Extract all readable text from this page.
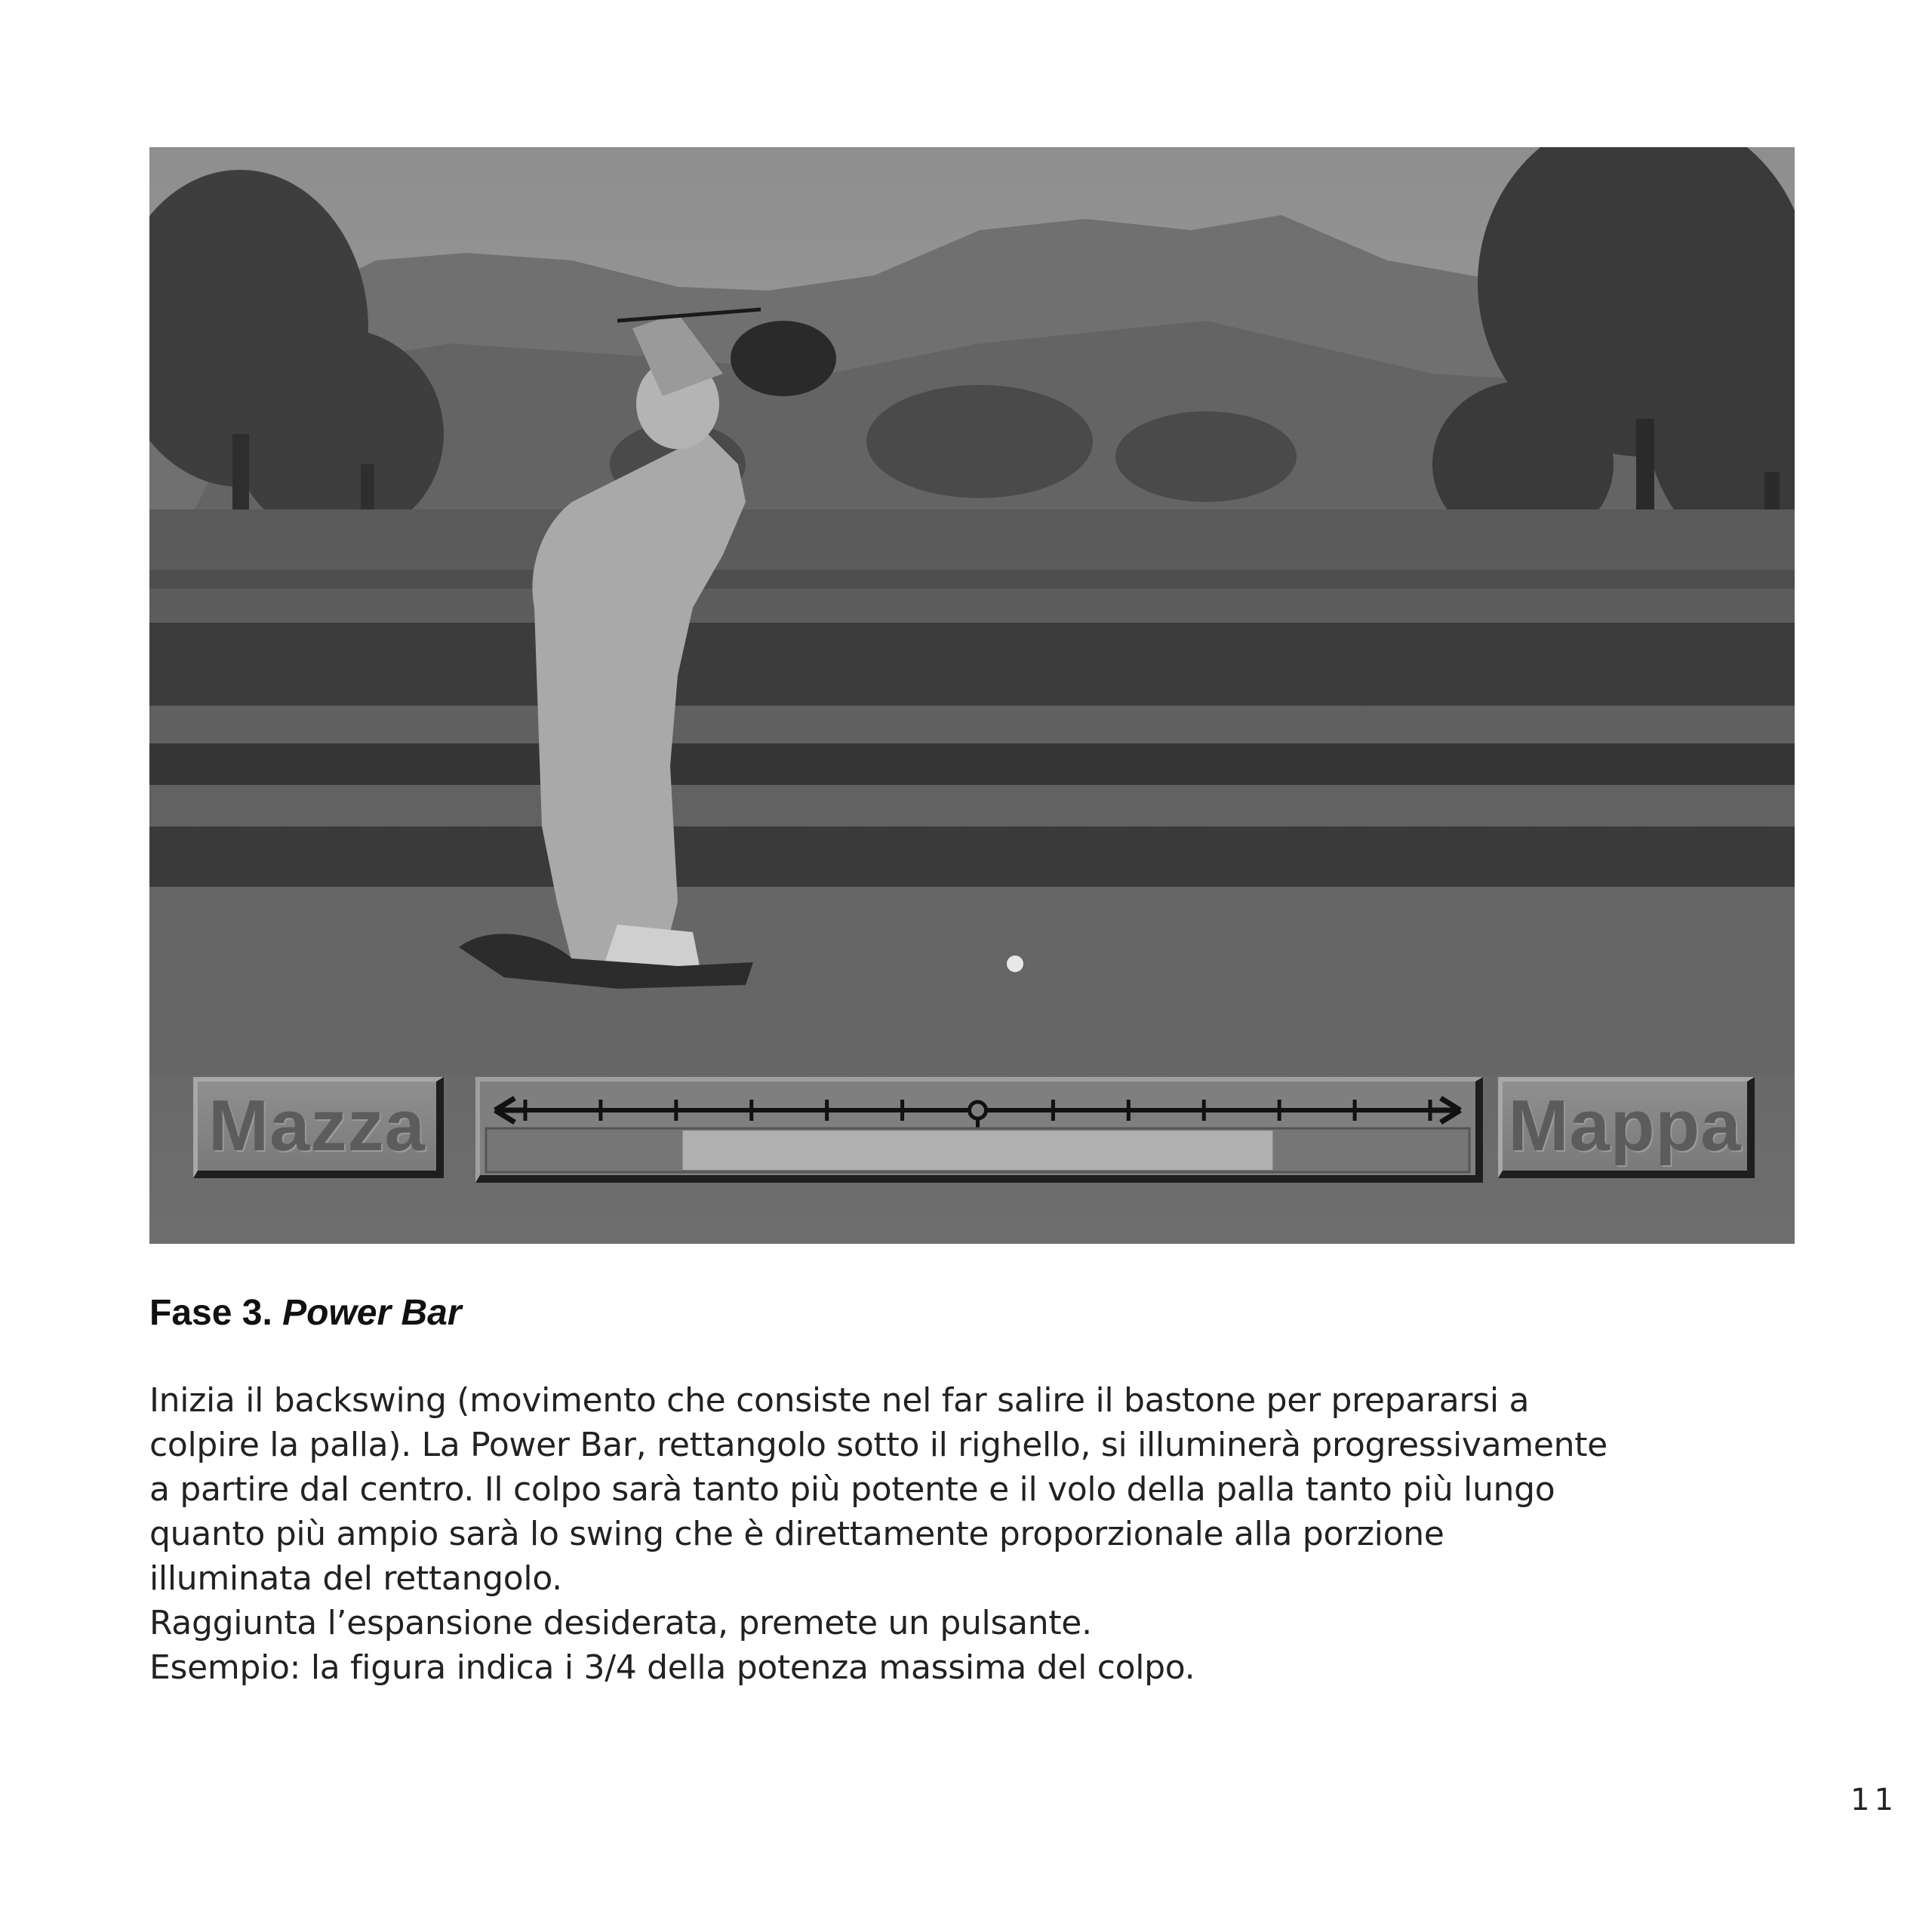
Mazza	Mappa
Fase 3. Power Bar

Inizia il backswing (movimento che consiste nel far salire il bastone per prepararsi a

colpire la palla). La Power Bar, rettangolo sotto il righello, si illuminerà progressivamente

a partire dal centro. Il colpo sarà tanto più potente e il volo della palla tanto più lungo

quanto più ampio sarà lo swing che è direttamente proporzionale alla porzione

illuminata del rettangolo.

Raggiunta l’espansione desiderata, premete un pulsante.

Esempio: la figura indica i 3/4 della potenza massima del colpo.

11
